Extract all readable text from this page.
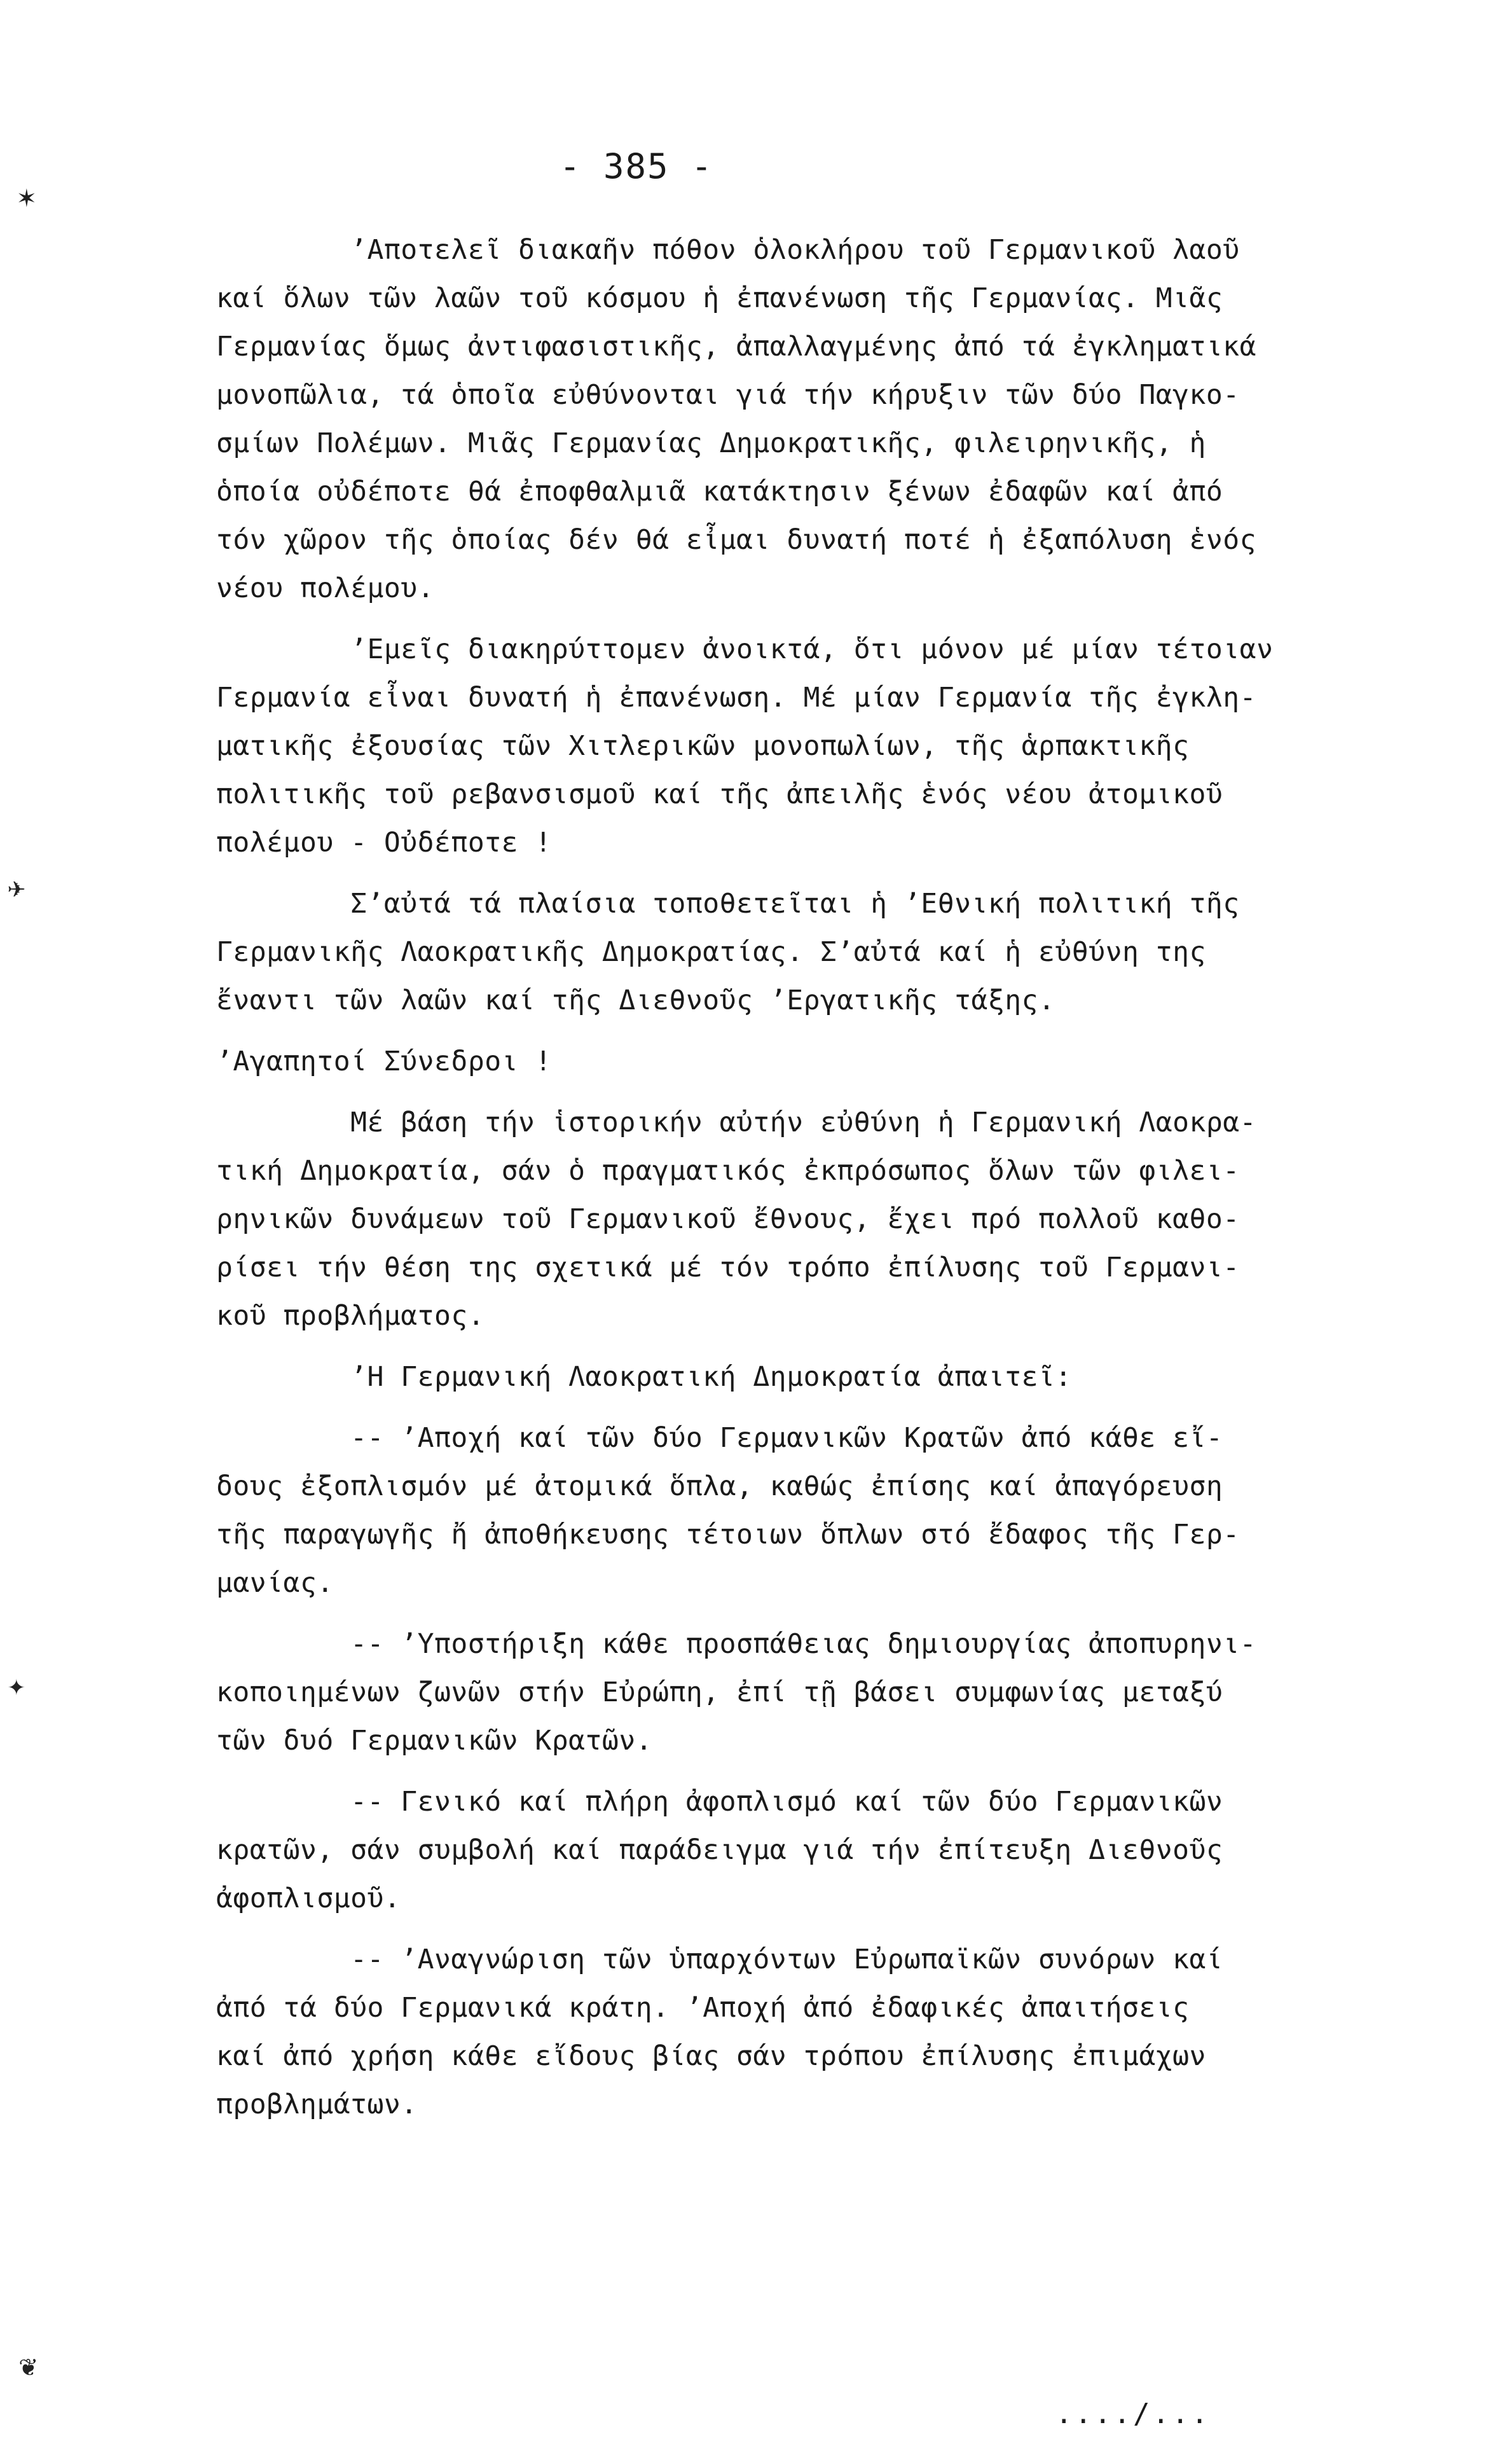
✶
✈
✦
❦
- 385 -
ʼΑποτελεῖ διακαῆν πόθον ὁλοκλήρου τοῦ Γερμανικοῦ λαοῦ
καί ὅλων τῶν λαῶν τοῦ κόσμου ἡ ἐπανένωση τῆς Γερμανίας. Μιᾶς
Γερμανίας ὅμως ἀντιφασιστικῆς, ἀπαλλαγμένης ἀπό τά ἐγκληματικά
μονοπῶλια, τά ὁποῖα εὐθύνονται γιά τήν κήρυξιν τῶν δύο Παγκο-
σμίων Πολέμων. Μιᾶς Γερμανίας Δημοκρατικῆς, φιλειρηνικῆς, ἡ
ὁποία οὐδέποτε θά ἐποφθαλμιᾶ κατάκτησιν ξένων ἐδαφῶν καί ἀπό
τόν χῶρον τῆς ὁποίας δέν θά εἶμαι δυνατή ποτέ ἡ ἐξαπόλυση ἑνός
νέου πολέμου.
ʼΕμεῖς διακηρύττομεν ἀνοικτά, ὅτι μόνον μέ μίαν τέτοιαν
Γερμανία εἶναι δυνατή ἡ ἐπανένωση. Μέ μίαν Γερμανία τῆς ἐγκλη-
ματικῆς ἐξουσίας τῶν Χιτλερικῶν μονοπωλίων, τῆς ἁρπακτικῆς
πολιτικῆς τοῦ ρεβανσισμοῦ καί τῆς ἀπειλῆς ἑνός νέου ἀτομικοῦ
πολέμου - Οὐδέποτε !
Σʼαὐτά τά πλαίσια τοποθετεῖται ἡ ʼΕθνική πολιτική τῆς
Γερμανικῆς Λαοκρατικῆς Δημοκρατίας. Σʼαὐτά καί ἡ εὐθύνη της
ἔναντι τῶν λαῶν καί τῆς Διεθνοῦς ʼΕργατικῆς τάξης.
ʼΑγαπητοί Σύνεδροι !
Μέ βάση τήν ἱστορικήν αὐτήν εὐθύνη ἡ Γερμανική Λαοκρα-
τική Δημοκρατία, σάν ὁ πραγματικός ἐκπρόσωπος ὅλων τῶν φιλει-
ρηνικῶν δυνάμεων τοῦ Γερμανικοῦ ἔθνους, ἔχει πρό πολλοῦ καθο-
ρίσει τήν θέση της σχετικά μέ τόν τρόπο ἐπίλυσης τοῦ Γερμανι-
κοῦ προβλήματος.
ʼΗ Γερμανική Λαοκρατική Δημοκρατία ἀπαιτεῖ:
-- ʼΑποχή καί τῶν δύο Γερμανικῶν Κρατῶν ἀπό κάθε εἴ-
δους ἐξοπλισμόν μέ ἀτομικά ὅπλα, καθώς ἐπίσης καί ἀπαγόρευση
τῆς παραγωγῆς ἤ ἀποθήκευσης τέτοιων ὅπλων στό ἔδαφος τῆς Γερ-
μανίας.
-- ʼΥποστήριξη κάθε προσπάθειας δημιουργίας ἀποπυρηνι-
κοποιημένων ζωνῶν στήν Εὐρώπη, ἐπί τῇ βάσει συμφωνίας μεταξύ
τῶν δυό Γερμανικῶν Κρατῶν.
-- Γενικό καί πλήρη ἀφοπλισμό καί τῶν δύο Γερμανικῶν
κρατῶν, σάν συμβολή καί παράδειγμα γιά τήν ἐπίτευξη Διεθνοῦς
ἀφοπλισμοῦ.
-- ʼΑναγνώριση τῶν ὑπαρχόντων Εὐρωπαϊκῶν συνόρων καί
ἀπό τά δύο Γερμανικά κράτη. ʼΑποχή ἀπό ἐδαφικές ἀπαιτήσεις
καί ἀπό χρήση κάθε εἴδους βίας σάν τρόπου ἐπίλυσης ἐπιμάχων
προβλημάτων.
..../...
